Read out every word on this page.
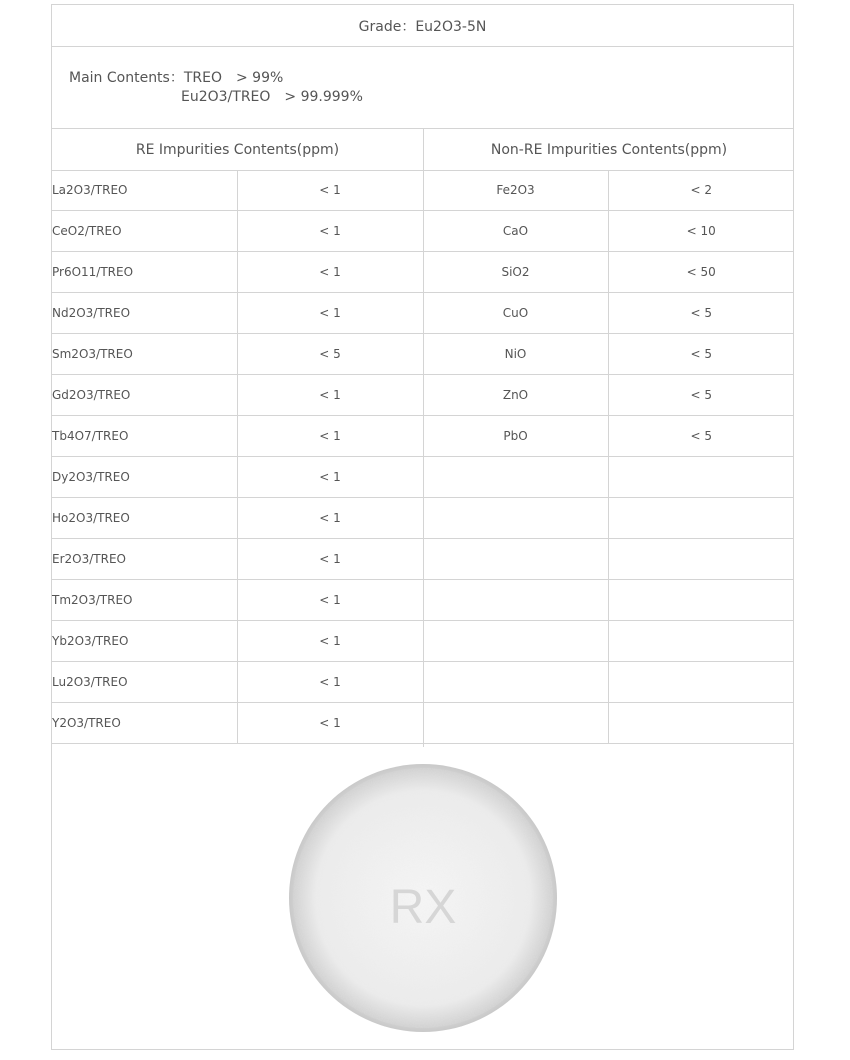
Grade：Eu2O3-5N
Main Contents：TREO > 99%
Eu2O3/TREO > 99.999%
RE Impurities Contents(ppm)	Non-RE Impurities Contents(ppm)
La2O3/TREO	< 1	Fe2O3	< 2
CeO2/TREO	< 1	CaO	< 10
Pr6O11/TREO	< 1	SiO2	< 50
Nd2O3/TREO	< 1	CuO	< 5
Sm2O3/TREO	< 5	NiO	< 5
Gd2O3/TREO	< 1	ZnO	< 5
Tb4O7/TREO	< 1	PbO	< 5
Dy2O3/TREO	< 1		
Ho2O3/TREO	< 1		
Er2O3/TREO	< 1		
Tm2O3/TREO	< 1		
Yb2O3/TREO	< 1		
Lu2O3/TREO	< 1		
Y2O3/TREO	< 1		
RX
